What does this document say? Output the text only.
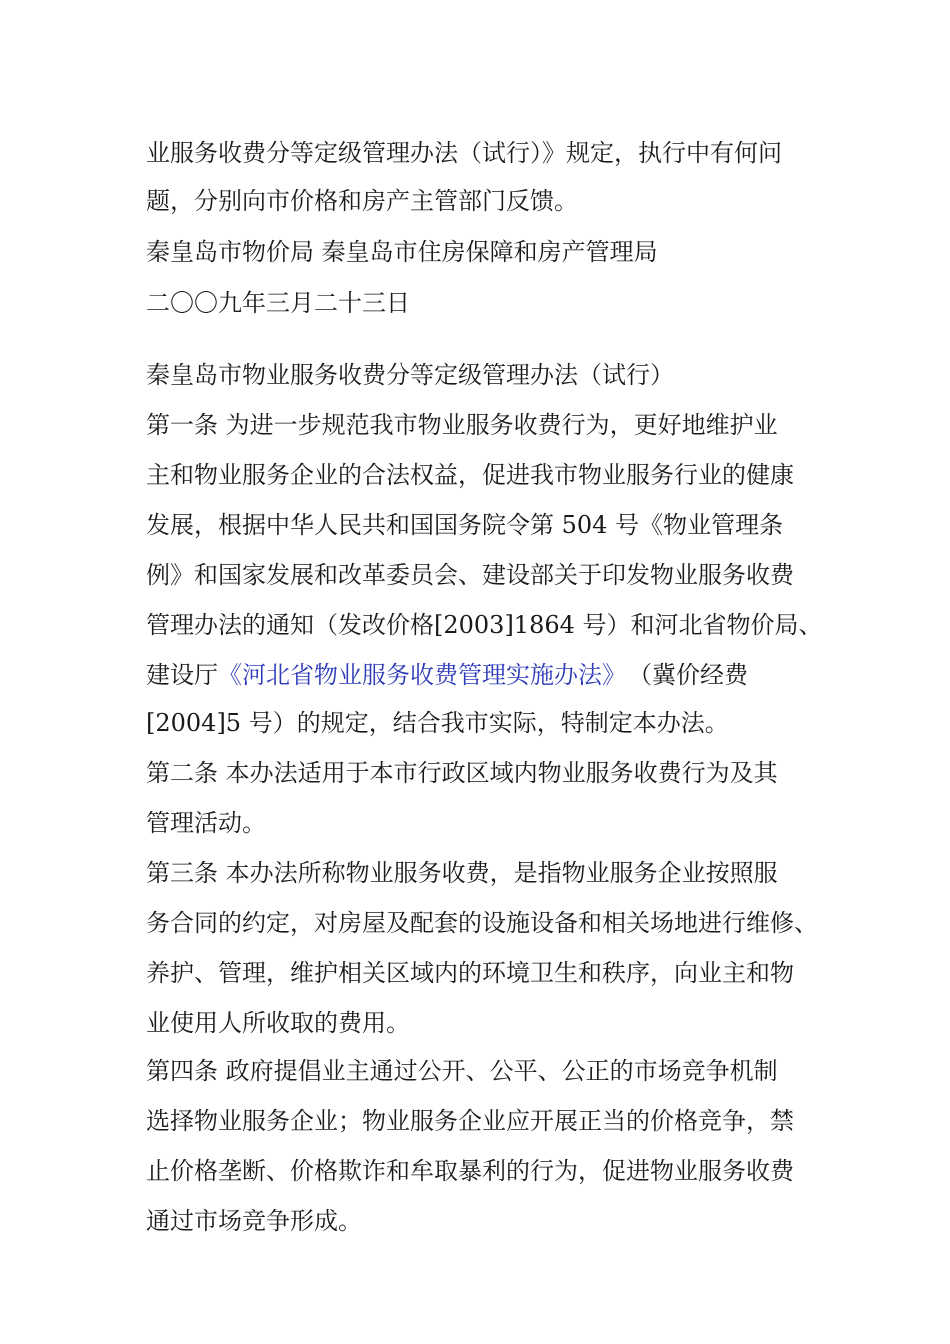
业服务收费分等定级管理办法（试行）》规定，执行中有何问

题，分别向市价格和房产主管部门反馈。

秦皇岛市物价局 秦皇岛市住房保障和房产管理局

二〇〇九年三月二十三日

秦皇岛市物业服务收费分等定级管理办法（试行）

第一条 为进一步规范我市物业服务收费行为，更好地维护业

主和物业服务企业的合法权益，促进我市物业服务行业的健康

发展，根据中华人民共和国国务院令第 504 号《物业管理条

例》和国家发展和改革委员会、建设部关于印发物业服务收费

管理办法的通知（发改价格[2003]1864 号）和河北省物价局、

建设厅《河北省物业服务收费管理实施办法》 （冀价经费

[2004]5 号）的规定，结合我市实际，特制定本办法。

第二条 本办法适用于本市行政区域内物业服务收费行为及其

管理活动。

第三条 本办法所称物业服务收费，是指物业服务企业按照服

务合同的约定，对房屋及配套的设施设备和相关场地进行维修、

养护、管理，维护相关区域内的环境卫生和秩序，向业主和物

业使用人所收取的费用。

第四条 政府提倡业主通过公开、公平、公正的市场竞争机制

选择物业服务企业；物业服务企业应开展正当的价格竞争，禁

止价格垄断、价格欺诈和牟取暴利的行为，促进物业服务收费

通过市场竞争形成。
